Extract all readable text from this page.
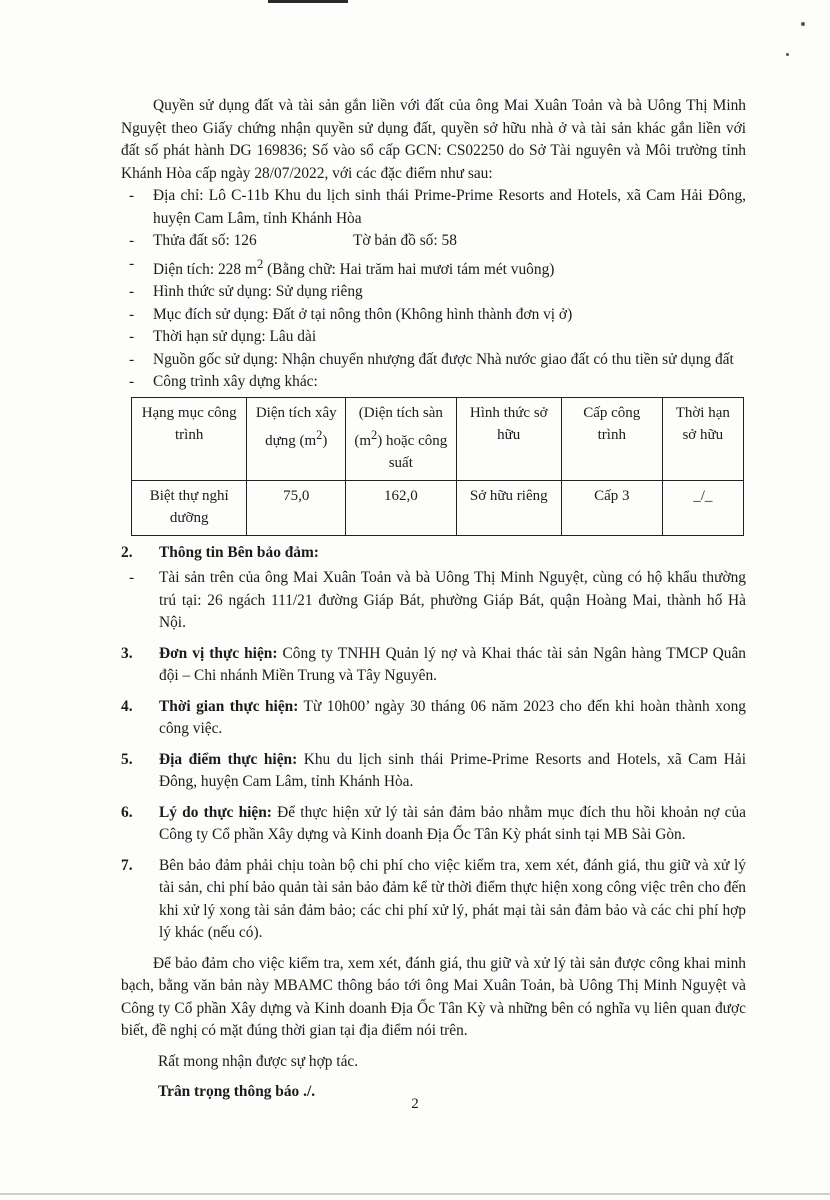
Quyền sử dụng đất và tài sản gắn liền với đất của ông Mai Xuân Toản và bà Uông Thị Minh Nguyệt theo Giấy chứng nhận quyền sử dụng đất, quyền sở hữu nhà ở và tài sản khác gắn liền với đất số phát hành DG 169836; Số vào sổ cấp GCN: CS02250 do Sở Tài nguyên và Môi trường tỉnh Khánh Hòa cấp ngày 28/07/2022, với các đặc điểm như sau:

- Địa chỉ: Lô C-11b Khu du lịch sinh thái Prime-Prime Resorts and Hotels, xã Cam Hải Đông, huyện Cam Lâm, tỉnh Khánh Hòa
- Thửa đất số: 126	Tờ bản đồ số: 58
- Diện tích: 228 $m^2$ (Bằng chữ: Hai trăm hai mươi tám mét vuông)
- Hình thức sử dụng: Sử dụng riêng
- Mục đích sử dụng: Đất ở tại nông thôn (Không hình thành đơn vị ở)
- Thời hạn sử dụng: Lâu dài
- Nguồn gốc sử dụng: Nhận chuyển nhượng đất được Nhà nước giao đất có thu tiền sử dụng đất
- Công trình xây dựng khác:
Hạng mục công trình	Diện tích xây dựng $(m^2)$	(Diện tích sàn $(m^2)$ hoặc công suất	Hình thức sở hữu	Cấp công trình	Thời hạn sở hữu
Biệt thự nghỉ dưỡng	75,0	162,0	Sở hữu riêng	Cấp 3	_/_
2. Thông tin Bên bảo đảm:
- Tài sản trên của ông Mai Xuân Toản và bà Uông Thị Minh Nguyệt, cùng có hộ khẩu thường trú tại: 26 ngách 111/21 đường Giáp Bát, phường Giáp Bát, quận Hoàng Mai, thành hố Hà Nội.
3. Đơn vị thực hiện: Công ty TNHH Quản lý nợ và Khai thác tài sản Ngân hàng TMCP Quân đội – Chi nhánh Miền Trung và Tây Nguyên.
4. Thời gian thực hiện: Từ 10h00’ ngày 30 tháng 06 năm 2023 cho đến khi hoàn thành xong công việc.
5. Địa điểm thực hiện: Khu du lịch sinh thái Prime-Prime Resorts and Hotels, xã Cam Hải Đông, huyện Cam Lâm, tỉnh Khánh Hòa.
6. Lý do thực hiện: Để thực hiện xử lý tài sản đảm bảo nhằm mục đích thu hồi khoản nợ của Công ty Cổ phần Xây dựng và Kinh doanh Địa Ốc Tân Kỳ phát sinh tại MB Sài Gòn.
7. Bên bảo đảm phải chịu toàn bộ chi phí cho việc kiểm tra, xem xét, đánh giá, thu giữ và xử lý tài sản, chi phí bảo quản tài sản bảo đảm kể từ thời điểm thực hiện xong công việc trên cho đến khi xử lý xong tài sản đảm bảo; các chi phí xử lý, phát mại tài sản đảm bảo và các chi phí hợp lý khác (nếu có).

Để bảo đảm cho việc kiểm tra, xem xét, đánh giá, thu giữ và xử lý tài sản được công khai minh bạch, bằng văn bản này MBAMC thông báo tới ông Mai Xuân Toản, bà Uông Thị Minh Nguyệt và Công ty Cổ phần Xây dựng và Kinh doanh Địa Ốc Tân Kỳ và những bên có nghĩa vụ liên quan được biết, đề nghị có mặt đúng thời gian tại địa điểm nói trên.

Rất mong nhận được sự hợp tác.

Trân trọng thông báo ./.

2
